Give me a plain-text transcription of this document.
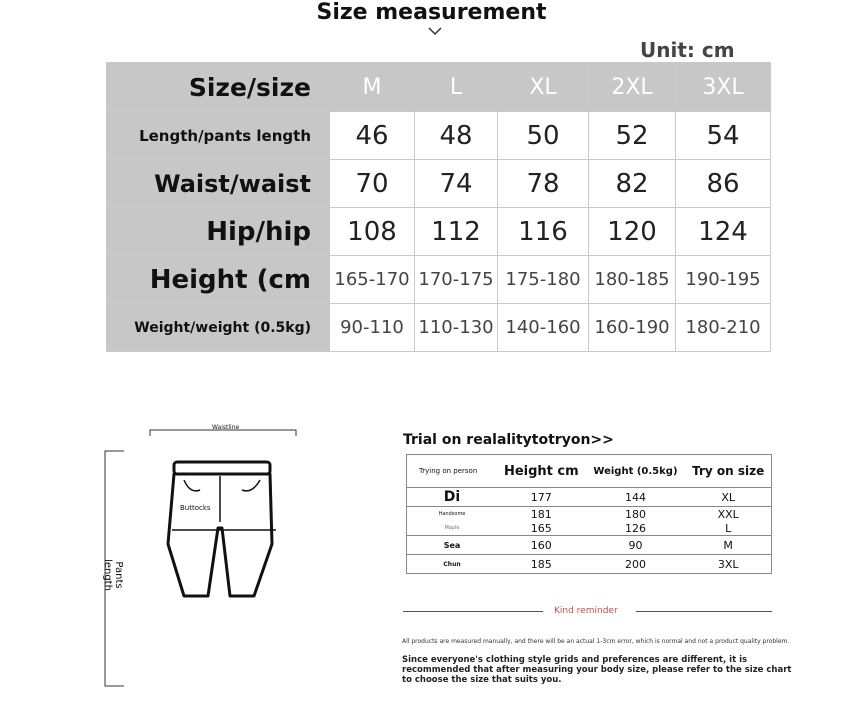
Size measurement
Unit: cm
Size/size	M	L	XL	2XL	3XL
Length/pants length	46	48	50	52	54
Waist/waist	70	74	78	82	86
Hip/hip	108	112	116	120	124
Height (cm	165-170	170-175	175-180	180-185	190-195
Weight/weight (0.5kg)	90-110	110-130	140-160	160-190	180-210
Waistline
Buttocks
Pants length
Trial on realalitytotryon>>
Trying on person	Height cm	Weight (0.5kg)	Try on size
Di	177	144	XL
Handsome	181	180	XXL
Maple	165	126	L
Sea	160	90	M
Chun	185	200	3XL
Kind reminder
All products are measured manually, and there will be an actual 1-3cm error, which is normal and not a product quality problem.
Since everyone's clothing style grids and preferences are different, it is recommended that after measuring your body size, please refer to the size chart to choose the size that suits you.
